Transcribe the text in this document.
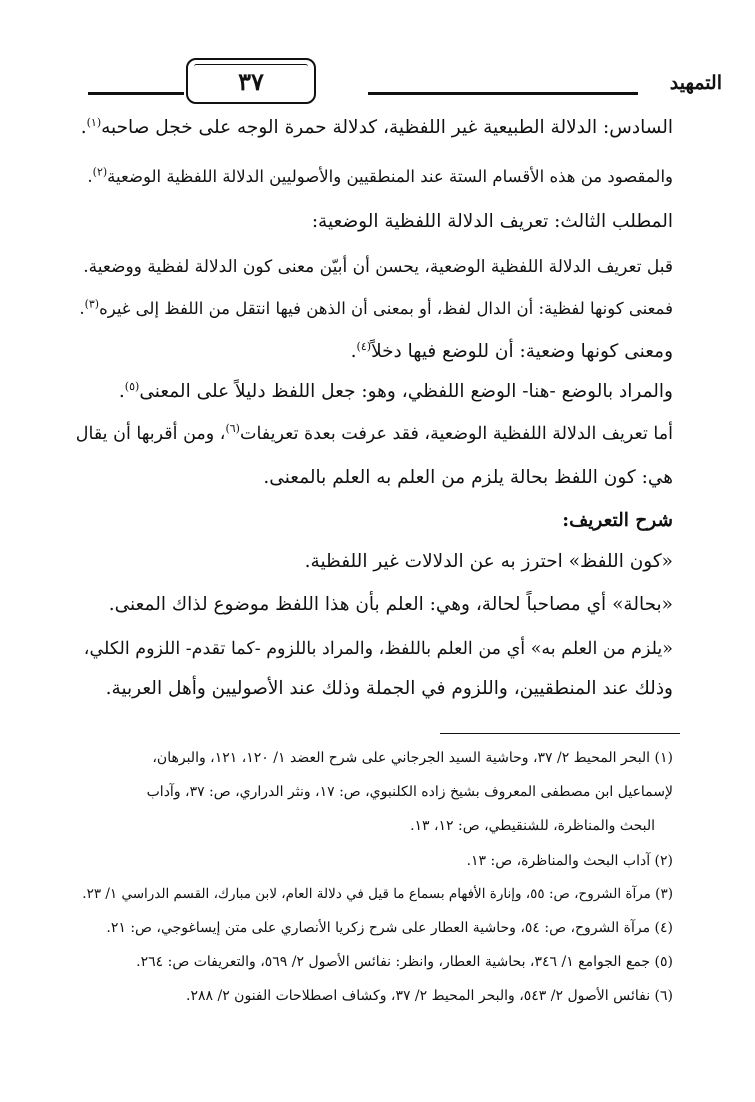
التمهيد
٣٧
السادس: الدلالة الطبيعية غير اللفظية، كدلالة حمرة الوجه على خجل صاحبه$^{(١)}$.
والمقصود من هذه الأقسام الستة عند المنطقيين والأصوليين الدلالة اللفظية الوضعية$^{(٢)}$.
المطلب الثالث: تعريف الدلالة اللفظية الوضعية:
قبل تعريف الدلالة اللفظية الوضعية، يحسن أن أبيّن معنى كون الدلالة لفظية ووضعية.
فمعنى كونها لفظية: أن الدال لفظ، أو بمعنى أن الذهن فيها انتقل من اللفظ إلى غيره$^{(٣)}$.
ومعنى كونها وضعية: أن للوضع فيها دخلاً$^{(٤)}$.
والمراد بالوضع -هنا- الوضع اللفظي، وهو: جعل اللفظ دليلاً على المعنى$^{(٥)}$.
أما تعريف الدلالة اللفظية الوضعية، فقد عرفت بعدة تعريفات$^{(٦)}$، ومن أقربها أن يقال
هي: كون اللفظ بحالة يلزم من العلم به العلم بالمعنى.
شرح التعريف:
«كون اللفظ» احترز به عن الدلالات غير اللفظية.
«بحالة» أي مصاحباً لحالة، وهي: العلم بأن هذا اللفظ موضوع لذاك المعنى.
«يلزم من العلم به» أي من العلم باللفظ، والمراد باللزوم -كما تقدم- اللزوم الكلي،
وذلك عند المنطقيين، واللزوم في الجملة وذلك عند الأصوليين وأهل العربية.
(١) البحر المحيط ٢/ ٣٧، وحاشية السيد الجرجاني على شرح العضد ١/ ١٢٠، ١٢١، والبرهان،
لإسماعيل ابن مصطفى المعروف بشيخ زاده الكلنبوي، ص: ١٧، ونثر الدراري، ص: ٣٧، وآداب
البحث والمناظرة، للشنقيطي، ص: ١٢، ١٣.
(٢) آداب البحث والمناظرة، ص: ١٣.
(٣) مرآة الشروح، ص: ٥٥، وإنارة الأفهام بسماع ما قيل في دلالة العام، لابن مبارك، القسم الدراسي ١/ ٢٣.
(٤) مرآة الشروح، ص: ٥٤، وحاشية العطار على شرح زكريا الأنصاري على متن إيساغوجي، ص: ٢١.
(٥) جمع الجوامع ١/ ٣٤٦، بحاشية العطار، وانظر: نفائس الأصول ٢/ ٥٦٩، والتعريفات ص: ٢٦٤.
(٦) نفائس الأصول ٢/ ٥٤٣، والبحر المحيط ٢/ ٣٧، وكشاف اصطلاحات الفنون ٢/ ٢٨٨.
